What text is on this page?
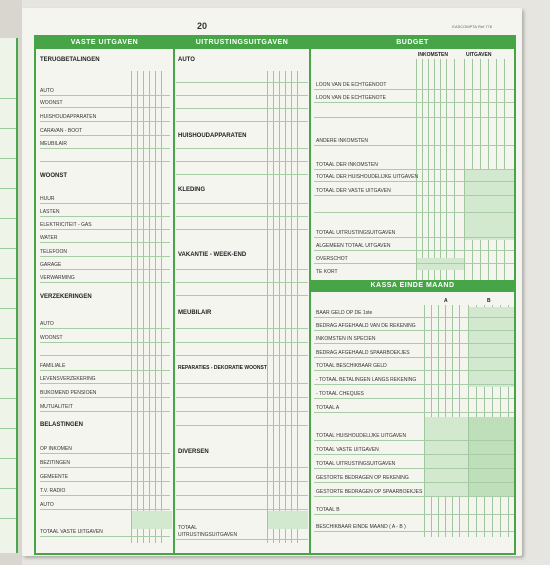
20	EASCOMPTA Ref 776
VASTE UITGAVEN	UITRUSTINGSUITGAVEN	BUDGET
TERUGBETALINGEN
AUTO
WOONST
HUISHOUDAPPARATEN
CARAVAN - BOOT
MEUBILAIR
WOONST
HUUR
LASTEN
ELEKTRICITEIT - GAS
WATER
TELEFOON
GARAGE
VERWARMING
VERZEKERINGEN
AUTO
WOONST
FAMILIALE
LEVENSVERZEKERING
BIJKOMEND PENSIOEN
MUTUALITEIT
BELASTINGEN
OP INKOMEN
BEZITINGEN
GEMEENTE
T.V. RADIO
AUTO
TOTAAL VASTE UITGAVEN
AUTO
HUISHOUDAPPARATEN
KLEDING
VAKANTIE - WEEK-END
MEUBILAIR
REPARATIES - DEKORATIE WOONST
DIVERSEN
TOTAAL
UITRUSTINGSUITGAVEN
INKOMSTEN	UITGAVEN
LOON VAN DE ECHTGENOOT
LOON VAN DE ECHTGENOTE
ANDERE INKOMSTEN
TOTAAL DER INKOMSTEN
TOTAAL DER HUISHOUDELIJKE UITGAVEN
TOTAAL DER VASTE UITGAVEN
TOTAAL UITRUSTINGSUITGAVEN
ALGEMEEN TOTAAL UITGAVEN
OVERSCHOT
TE KORT
KASSA EINDE MAAND
A	B
BAAR GELD OP DE 1ste
BEDRAG AFGEHAALD VAN DE REKENING
INKOMSTEN IN SPECIEN
BEDRAG AFGEHAALD SPAARBOEKJES
TOTAAL BESCHIKBAAR GELD
- TOTAAL BETALINGEN LANGS REKENING
- TOTAAL CHEQUES
TOTAAL A
TOTAAL HUISHOUDELIJKE UITGAVEN
TOTAAL VASTE UITGAVEN
TOTAAL UITRUSTINGSUITGAVEN
GESTORTE BEDRAGEN OP REKENING
GESTORTE BEDRAGEN OP SPAARBOEKJES
TOTAAL B
BESCHIKBAAR EINDE MAAND ( A - B )
